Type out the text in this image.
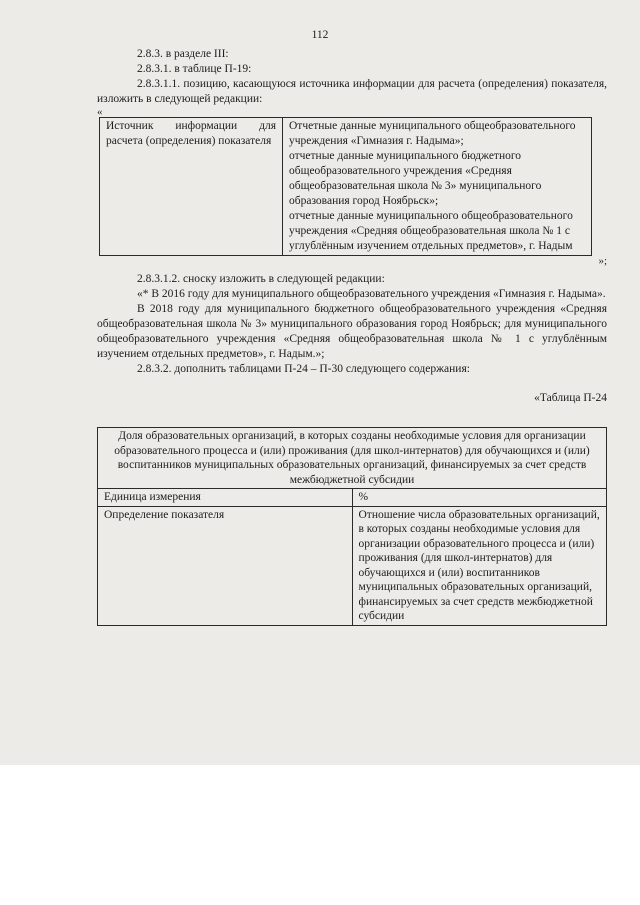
112

2.8.3. в разделе III:

2.8.3.1. в таблице П-19:

2.8.3.1.1. позицию, касающуюся источника информации для расчета (определения) показателя, изложить в следующей редакции:

«
Источник информации для расчета (определения) показателя	Отчетные данные муниципального общеобразовательного учреждения «Гимназия г. Надыма»;
отчетные данные муниципального бюджетного общеобразовательного учреждения «Средняя общеобразовательная школа № 3» муниципального образования город Ноябрьск»;
отчетные данные муниципального общеобразовательного учреждения «Средняя общеобразовательная школа № 1 с углублённым изучением отдельных предметов», г. Надым
»;

2.8.3.1.2. сноску изложить в следующей редакции:

«* В 2016 году для муниципального общеобразовательного учреждения «Гимназия г. Надыма».

В 2018 году для муниципального бюджетного общеобразовательного учреждения «Средняя общеобразовательная школа № 3» муниципального образования город Ноябрьск; для муниципального общеобразовательного учреждения «Средняя общеобразовательная школа № 1 с углублённым изучением отдельных предметов», г. Надым.»;

2.8.3.2. дополнить таблицами П-24 – П-30 следующего содержания:

«Таблица П-24
Доля образовательных организаций, в которых созданы необходимые условия для организации образовательного процесса и (или) проживания (для школ-интернатов) для обучающихся и (или) воспитанников муниципальных образовательных организаций, финансируемых за счет средств межбюджетной субсидии	
Единица измерения	%
Определение показателя	Отношение числа образовательных организаций, в которых созданы необходимые условия для организации образовательного процесса и (или) проживания (для школ-интернатов) для обучающихся и (или) воспитанников муниципальных образовательных организаций, финансируемых за счет средств межбюджетной субсидии
